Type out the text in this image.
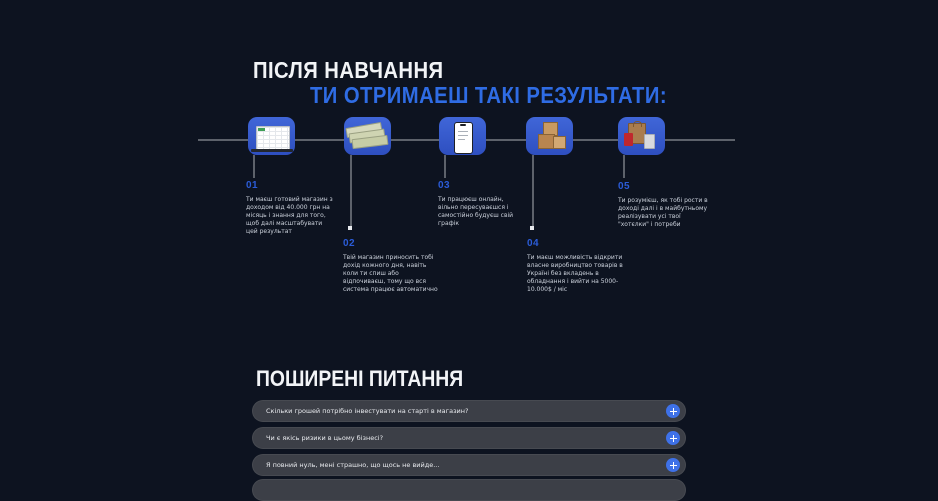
ПІСЛЯ НАВЧАННЯ
ТИ ОТРИМАЕШ ТАКІ РЕЗУЛЬТАТИ:
01
Ти маєш готовий магазин з доходом від 40.000 грн на місяць і знання для того, щоб далі масштабувати цей результат
02
Твій магазин приносить тобі дохід кожного дня, навіть коли ти спиш або відпочиваєш, тому що вся система працює автоматично
03
Ти працюєш онлайн, вільно пересуваєшся і самостійно будуєш свій графік
04
Ти маєш можливість відкрити власне виробництво товарів в Україні без вкладень в обладнання і вийти на 5000-10.000$ / міс
05
Ти розумієш, як тобі рости в доході далі і в майбутньому реалізувати усі твої "хотєлки" і потреби
ПОШИРЕНІ ПИТАННЯ
Скільки грошей потрібно інвестувати на старті в магазин?
Чи є якісь ризики в цьому бізнесі?
Я повний нуль, мені страшно, що щось не вийде...
